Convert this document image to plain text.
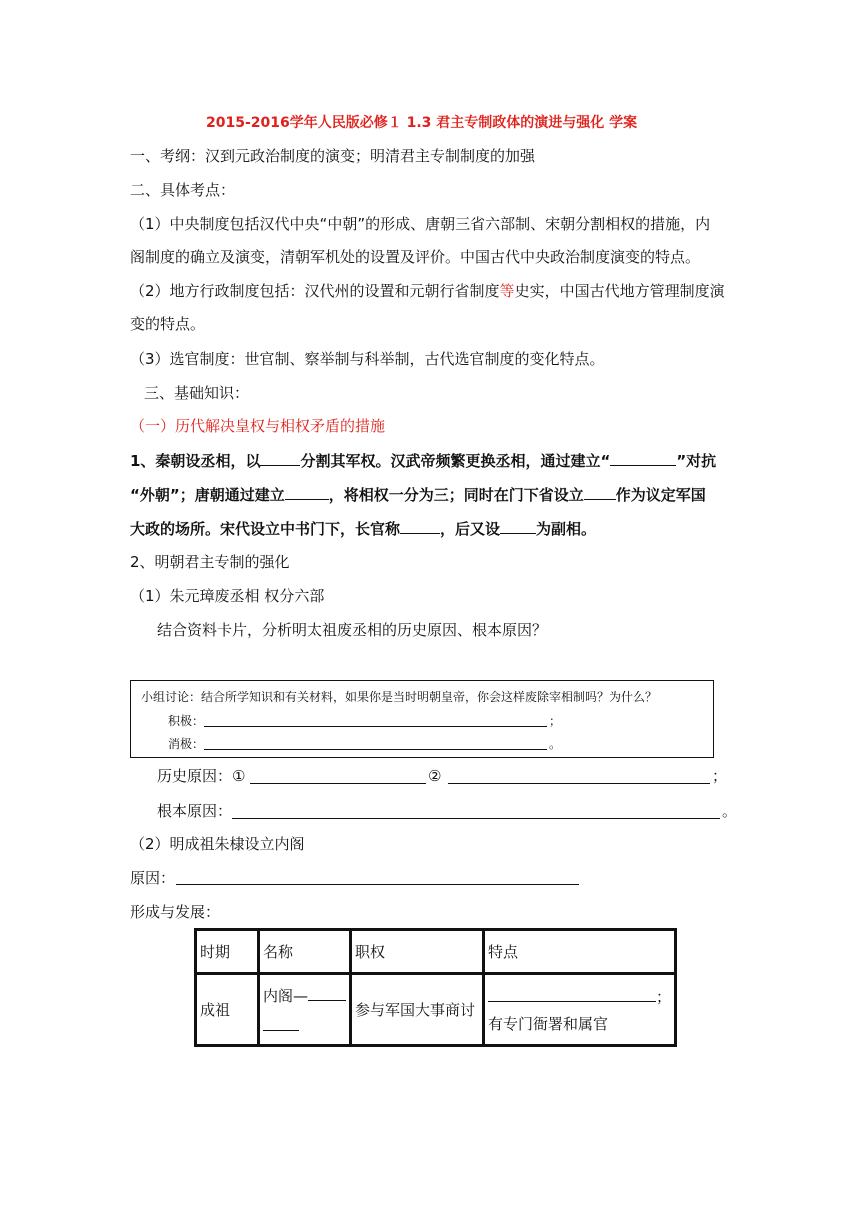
2015-2016学年人民版必修１ 1.3 君主专制政体的演进与强化 学案
一、考纲：汉到元政治制度的演变；明清君主专制制度的加强
二、具体考点：
（1）中央制度包括汉代中央“中朝”的形成、唐朝三省六部制、宋朝分割相权的措施，内
阁制度的确立及演变，清朝军机处的设置及评价。中国古代中央政治制度演变的特点。
（2）地方行政制度包括：汉代州的设置和元朝行省制度等史实，中国古代地方管理制度演
变的特点。
（3）选官制度：世官制、察举制与科举制，古代选官制度的变化特点。
三、基础知识：
（一）历代解决皇权与相权矛盾的措施
1、秦朝设丞相，以	分割其军权。汉武帝频繁更换丞相，通过建立“	”对抗
“外朝”；唐朝通过建立	，将相权一分为三；同时在门下省设立 作为议定军国
大政的场所。宋代设立中书门下，长官称	，后又设 为副相。
2、明朝君主专制的强化
（1）朱元璋废丞相 权分六部
结合资料卡片，分析明太祖废丞相的历史原因、根本原因？
小组讨论：结合所学知识和有关材料，如果你是当时明朝皇帝，你会这样废除宰相制吗？为什么？
积极：	；
消极：	。
历史原因：①	②	；
根本原因：	。
（2）明成祖朱棣设立内阁
原因：
形成与发展：
时期	名称	职权	特点
成祖	内阁—	参与军国大事商讨	；
有专门衙署和属官
